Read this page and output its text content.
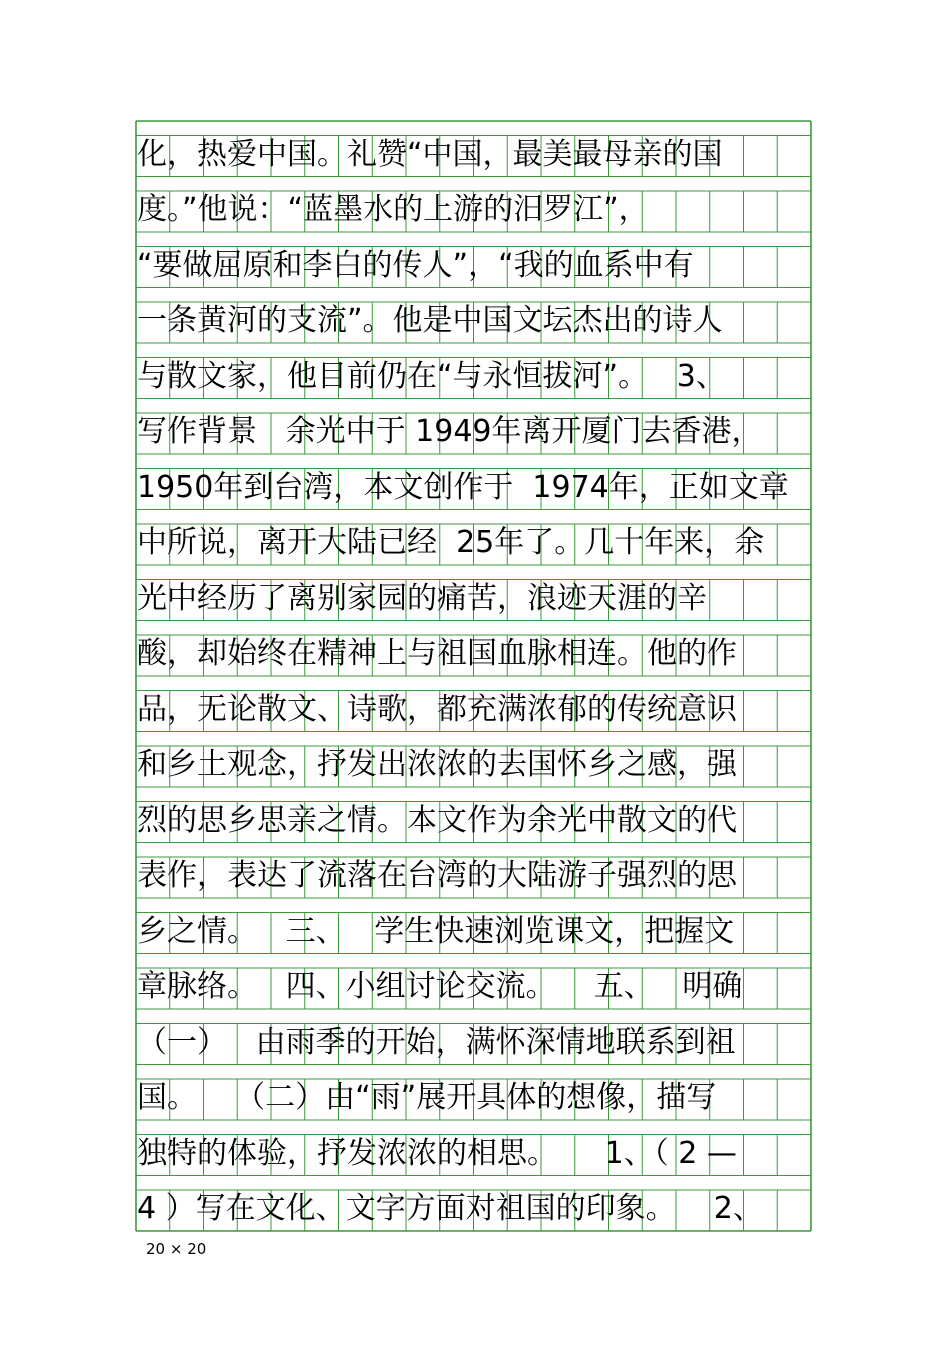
化，热爱中国。礼赞“中国，最美最母亲的国

度。”他说：“蓝墨水的上游的汨罗江”，

“要做屈原和李白的传人”，“我的血系中有

一条黄河的支流”。他是中国文坛杰出的诗人

与散文家，他目前仍在“与永恒拔河”。   3、

写作背景   余光中于 1949年离开厦门去香港，

1950年到台湾，本文创作于  1974年，正如文章

中所说，离开大陆已经  25年了。几十年来，余

光中经历了离别家园的痛苦，浪迹天涯的辛

酸，却始终在精神上与祖国血脉相连。他的作

品，无论散文、诗歌，都充满浓郁的传统意识

和乡土观念，抒发出浓浓的去国怀乡之感，强

烈的思乡思亲之情。本文作为余光中散文的代

表作，表达了流落在台湾的大陆游子强烈的思

乡之情。   三、   学生快速浏览课文，把握文

章脉络。   四、小组讨论交流。    五、   明确

（一）   由雨季的开始，满怀深情地联系到祖

国。    （二）由“雨”展开具体的想像，描写

独特的体验，抒发浓浓的相思。     1、（ 2 —

4 ）写在文化、文字方面对祖国的印象。    2、

20 × 20
